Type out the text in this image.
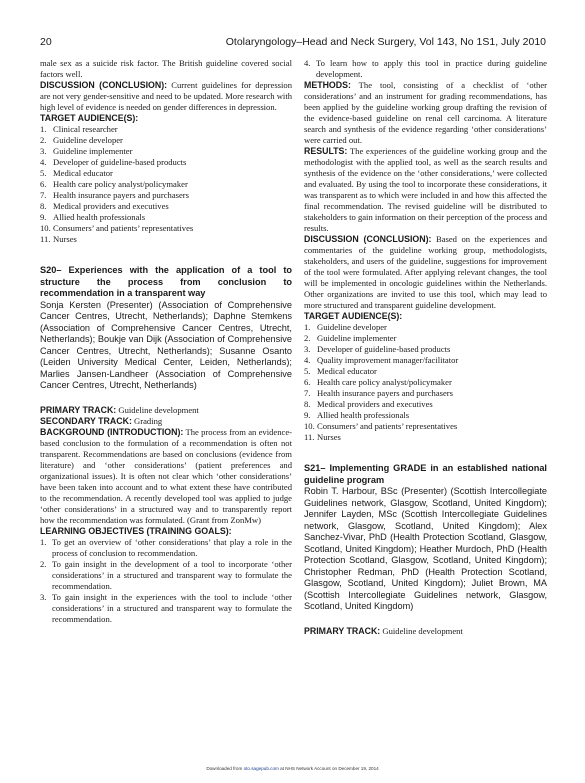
20	Otolaryngology–Head and Neck Surgery, Vol 143, No 1S1, July 2010

male sex as a suicide risk factor. The British guideline covered social factors well.

DISCUSSION (CONCLUSION): Current guidelines for depression are not very gender-sensitive and need to be updated. More research with high level of evidence is needed on gender differences in depression.

TARGET AUDIENCE(S):
1. Clinical researcher
2. Guideline developer
3. Guideline implementer
4. Developer of guideline-based products
5. Medical educator
6. Health care policy analyst/policymaker
7. Health insurance payers and purchasers
8. Medical providers and executives
9. Allied health professionals
10. Consumers’ and patients’ representatives
11. Nurses

S20– Experiences with the application of a tool to structure the process from conclusion to recommendation in a transparent way

Sonja Kersten (Presenter) (Association of Comprehensive Cancer Centres, Utrecht, Netherlands); Daphne Stemkens (Association of Comprehensive Cancer Centres, Utrecht, Netherlands); Boukje van Dijk (Association of Comprehensive Cancer Centres, Utrecht, Netherlands); Susanne Osanto (Leiden University Medical Center, Leiden, Netherlands); Marlies Jansen-Landheer (Association of Comprehensive Cancer Centres, Utrecht, Netherlands)

PRIMARY TRACK: Guideline development

SECONDARY TRACK: Grading

BACKGROUND (INTRODUCTION): The process from an evidence-based conclusion to the formulation of a recommendation is often not transparent. Recommendations are based on conclusions (evidence from literature) and ‘other considerations’ (patient preferences and organizational issues). It is often not clear which ‘other considerations’ have been taken into account and to what extent these have contributed to the recommendation. A recently developed tool was applied to judge ‘other considerations’ in a structured way and to transparently report how the recommendation was formulated. (Grant from ZonMw)

LEARNING OBJECTIVES (TRAINING GOALS):
1. To get an overview of ‘other considerations’ that play a role in the process of conclusion to recommendation.
2. To gain insight in the development of a tool to incorporate ‘other considerations’ in a structured and transparent way to formulate the recommendation.
3. To gain insight in the experiences with the tool to include ‘other considerations’ in a structured and transparent way to formulate the recommendation.
4. To learn how to apply this tool in practice during guideline development.

METHODS: The tool, consisting of a checklist of ‘other considerations’ and an instrument for grading recommendations, has been applied by the guideline working group drafting the revision of the evidence-based guideline on renal cell carcinoma. A literature search and synthesis of the evidence regarding ‘other considerations’ were carried out.

RESULTS: The experiences of the guideline working group and the methodologist with the applied tool, as well as the search results and synthesis of the evidence on the ‘other considerations,’ were collected and evaluated. By using the tool to incorporate these considerations, it was transparent as to which were included in and how this affected the final recommendation. The revised guideline will be distributed to stakeholders to gain information on their perception of the process and results.

DISCUSSION (CONCLUSION): Based on the experiences and commentaries of the guideline working group, methodologists, stakeholders, and users of the guideline, suggestions for improvement of the tool were formulated. After applying relevant changes, the tool will be implemented in oncologic guidelines within the Netherlands. Other organizations are invited to use this tool, which may lead to more structured and transparent guideline development.

TARGET AUDIENCE(S):
1. Guideline developer
2. Guideline implementer
3. Developer of guideline-based products
4. Quality improvement manager/facilitator
5. Medical educator
6. Health care policy analyst/policymaker
7. Health insurance payers and purchasers
8. Medical providers and executives
9. Allied health professionals
10. Consumers’ and patients’ representatives
11. Nurses

S21– Implementing GRADE in an established national guideline program

Robin T. Harbour, BSc (Presenter) (Scottish Intercollegiate Guidelines network, Glasgow, Scotland, United Kingdom); Jennifer Layden, MSc (Scottish Intercollegiate Guidelines network, Glasgow, Scotland, United Kingdom); Alex Sanchez-Vivar, PhD (Health Protection Scotland, Glasgow, Scotland, United Kingdom); Heather Murdoch, PhD (Health Protection Scotland, Glasgow, Scotland, United Kingdom); Christopher Redman, PhD (Health Protection Scotland, Glasgow, Scotland, United Kingdom); Juliet Brown, MA (Scottish Intercollegiate Guidelines network, Glasgow, Scotland, United Kingdom)

PRIMARY TRACK: Guideline development

Downloaded from oto.sagepub.com at NHS Network Account on December 19, 2014
